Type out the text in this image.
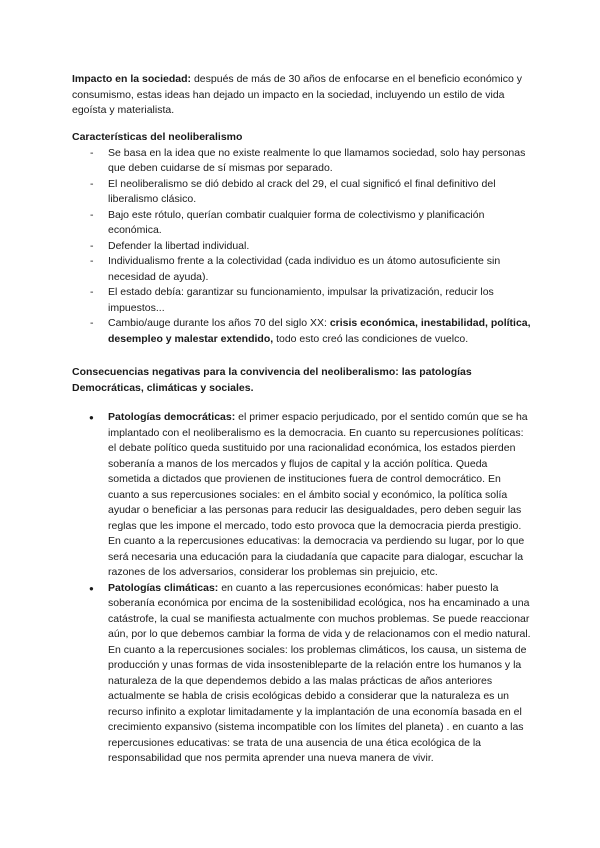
Impacto en la sociedad: después de más de 30 años de enfocarse en el beneficio económico y consumismo, estas ideas han dejado un impacto en la sociedad, incluyendo un estilo de vida egoísta y materialista.

Características del neoliberalismo
- Se basa en la idea que no existe realmente lo que llamamos sociedad, solo hay personas que deben cuidarse de sí mismas por separado.
- El neoliberalismo se dió debido al crack del 29, el cual significó el final definitivo del liberalismo clásico.
- Bajo este rótulo, querían combatir cualquier forma de colectivismo y planificación económica.
- Defender la libertad individual.
- Individualismo frente a la colectividad (cada individuo es un átomo autosuficiente sin necesidad de ayuda).
- El estado debía: garantizar su funcionamiento, impulsar la privatización, reducir los impuestos...
- Cambio/auge durante los años 70 del siglo XX: crisis económica, inestabilidad, política, desempleo y malestar extendido, todo esto creó las condiciones de vuelco.
Consecuencias negativas para la convivencia del neoliberalismo: las patologías Democráticas, climáticas y sociales.
● Patologías democráticas: el primer espacio perjudicado, por el sentido común que se ha implantado con el neoliberalismo es la democracia. En cuanto su repercusiones políticas: el debate político queda sustituido por una racionalidad económica, los estados pierden soberanía a manos de los mercados y flujos de capital y la acción política. Queda sometida a dictados que provienen de instituciones fuera de control democrático. En cuanto a sus repercusiones sociales: en el ámbito social y económico, la política solía ayudar o beneficiar a las personas para reducir las desigualdades, pero deben seguir las reglas que les impone el mercado, todo esto provoca que la democracia pierda prestigio. En cuanto a la repercusiones educativas: la democracia va perdiendo su lugar, por lo que será necesaria una educación para la ciudadanía que capacite para dialogar, escuchar la razones de los adversarios, considerar los problemas sin prejuicio, etc.
● Patologías climáticas: en cuanto a las repercusiones económicas: haber puesto la soberanía económica por encima de la sostenibilidad ecológica, nos ha encaminado a una catástrofe, la cual se manifiesta actualmente con muchos problemas. Se puede reaccionar aún, por lo que debemos cambiar la forma de vida y de relacionamos con el medio natural. En cuanto a la repercusiones sociales: los problemas climáticos, los causa, un sistema de producción y unas formas de vida insostenibleparte de la relación entre los humanos y la naturaleza de la que dependemos debido a las malas prácticas de años anteriores actualmente se habla de crisis ecológicas debido a considerar que la naturaleza es un recurso infinito a explotar limitadamente y la implantación de una economía basada en el crecimiento expansivo (sistema incompatible con los límites del planeta) . en cuanto a las repercusiones educativas: se trata de una ausencia de una ética ecológica de la responsabilidad que nos permita aprender una nueva manera de vivir.
